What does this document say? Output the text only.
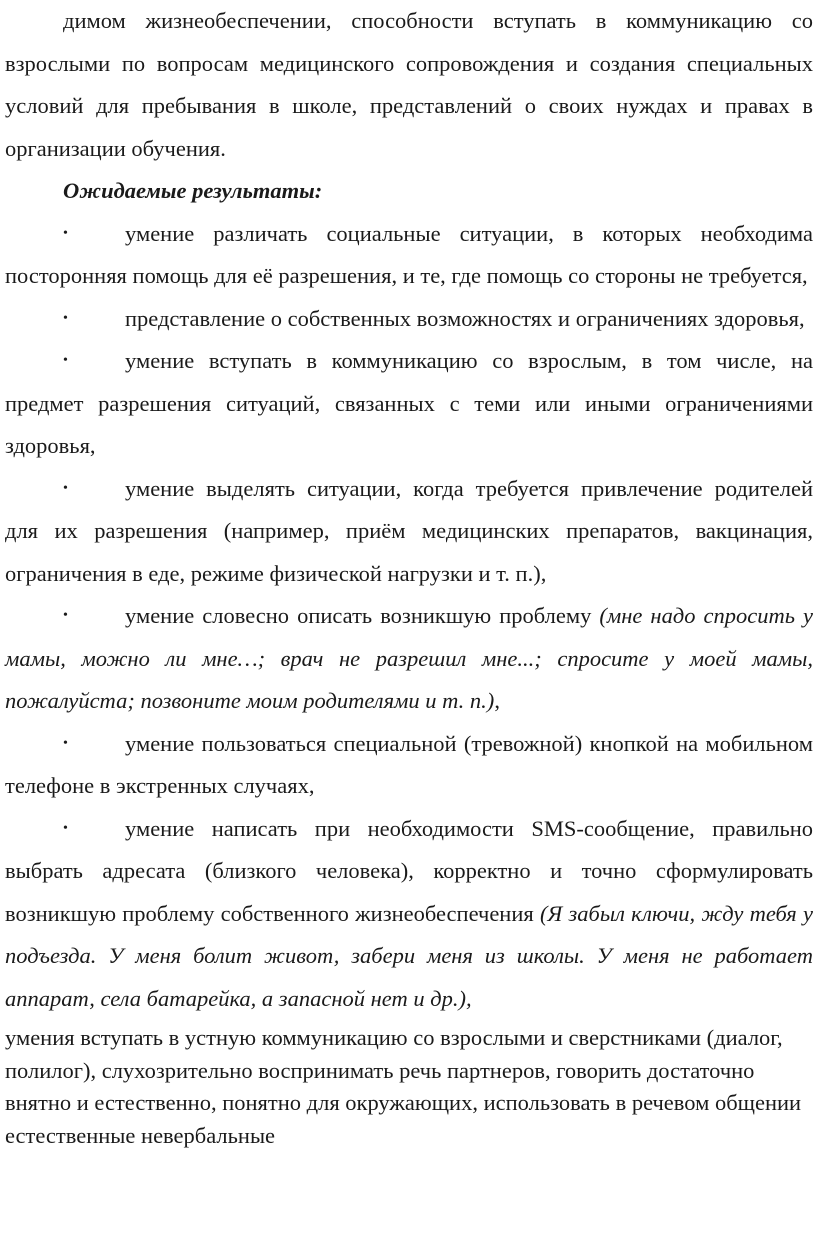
димом жизнеобеспечении, способности вступать в коммуникацию со взрослыми по вопросам медицинского сопровождения и создания специальных условий для пребывания в школе, представлений о своих нуждах и правах в организации обучения.

Ожидаемые результаты:

•	умение различать социальные ситуации, в которых необходима посторонняя помощь для её разрешения, и те, где помощь со стороны не требуется,

•	представление о собственных возможностях и ограничениях здоровья,

•	умение вступать в коммуникацию со взрослым, в том числе, на предмет разрешения ситуаций, связанных с теми или иными ограничениями здоровья,

•	умение выделять ситуации, когда требуется привлечение родителей для их разрешения (например, приём медицинских препаратов, вакцинация, ограничения в еде, режиме физической нагрузки и т. п.),

•	умение словесно описать возникшую проблему (мне надо спросить у мамы, можно ли мне…; врач не разрешил мне...; спросите у моей мамы, пожалуйста; позвоните моим родителями и т. п.),

•	умение пользоваться специальной (тревожной) кнопкой на мобильном телефоне в экстренных случаях,

•	умение написать при необходимости SMS-сообщение, правильно выбрать адресата (близкого человека), корректно и точно сформулировать возникшую проблему собственного жизнеобеспечения (Я забыл ключи, жду тебя у подъезда. У меня болит живот, забери меня из школы. У меня не работает аппарат, села батарейка, а запасной нет и др.),

умения вступать в устную коммуникацию со взрослыми и сверстниками (диалог, полилог), слухозрительно воспринимать речь партнеров, говорить достаточно внятно и естественно, понятно для окружающих, использовать в речевом общении естественные невербальные
